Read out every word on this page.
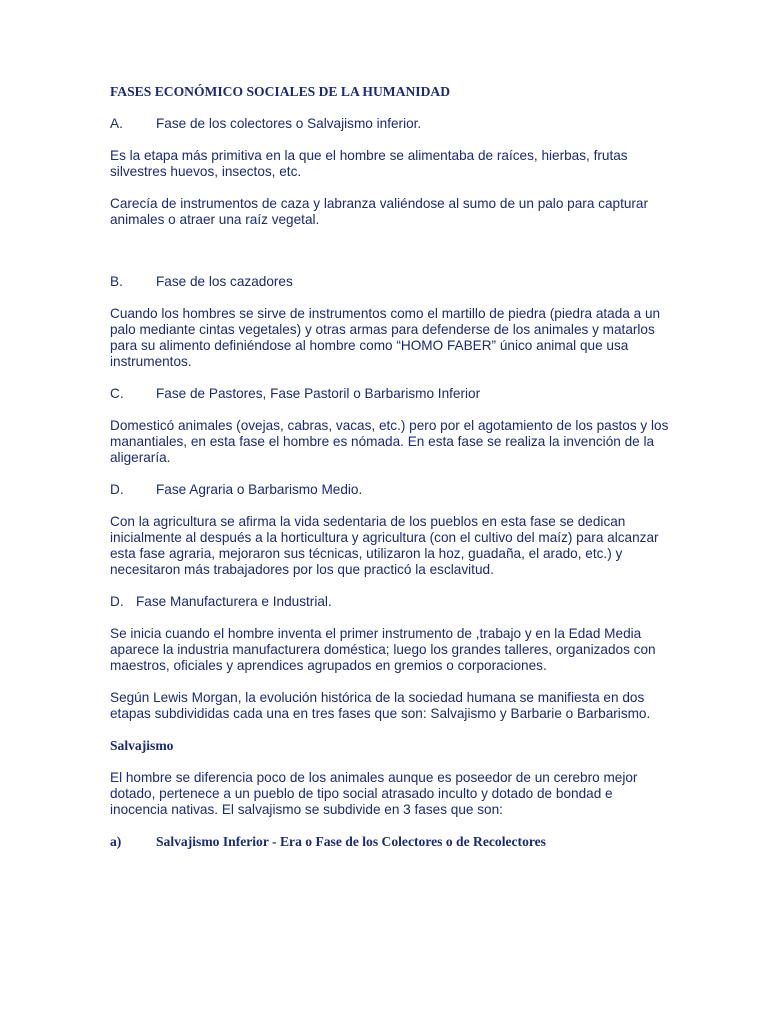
FASES ECONÓMICO SOCIALES DE LA HUMANIDAD
A. Fase de los colectores o Salvajismo inferior.

Es la etapa más primitiva en la que el hombre se alimentaba de raíces, hierbas, frutas silvestres huevos, insectos, etc.

Carecía de instrumentos de caza y labranza valiéndose al sumo de un palo para capturar animales o atraer una raíz vegetal.

B. Fase de los cazadores

Cuando los hombres se sirve de instrumentos como el martillo de piedra (piedra atada a un palo mediante cintas vegetales) y otras armas para defenderse de los animales y matarlos para su alimento definiéndose al hombre como “HOMO FABER” único animal que usa instrumentos.

C. Fase de Pastores, Fase Pastoril o Barbarismo Inferior

Domesticó animales (ovejas, cabras, vacas, etc.) pero por el agotamiento de los pastos y los manantiales, en esta fase el hombre es nómada. En esta fase se realiza la invención de la aligeraría.

D. Fase Agraria o Barbarismo Medio.

Con la agricultura se afirma la vida sedentaria de los pueblos en esta fase se dedican inicialmente al después a la horticultura y agricultura (con el cultivo del maíz) para alcanzar esta fase agraria, mejoraron sus técnicas, utilizaron la hoz, guadaña, el arado, etc.) y necesitaron más trabajadores por los que practicó la esclavitud.

D. Fase Manufacturera e Industrial.

Se inicia cuando el hombre inventa el primer instrumento de ,trabajo y en la Edad Media aparece la industria manufacturera doméstica; luego los grandes talleres, organizados con maestros, oficiales y aprendices agrupados en gremios o corporaciones.

Según Lewis Morgan, la evolución histórica de la sociedad humana se manifiesta en dos etapas subdivididas cada una en tres fases que son: Salvajismo y Barbarie o Barbarismo.

Salvajismo

El hombre se diferencia poco de los animales aunque es poseedor de un cerebro mejor dotado, pertenece a un pueblo de tipo social atrasado inculto y dotado de bondad e inocencia nativas. El salvajismo se subdivide en 3 fases que son:

a)	Salvajismo Inferior - Era o Fase de los Colectores o de Recolectores
